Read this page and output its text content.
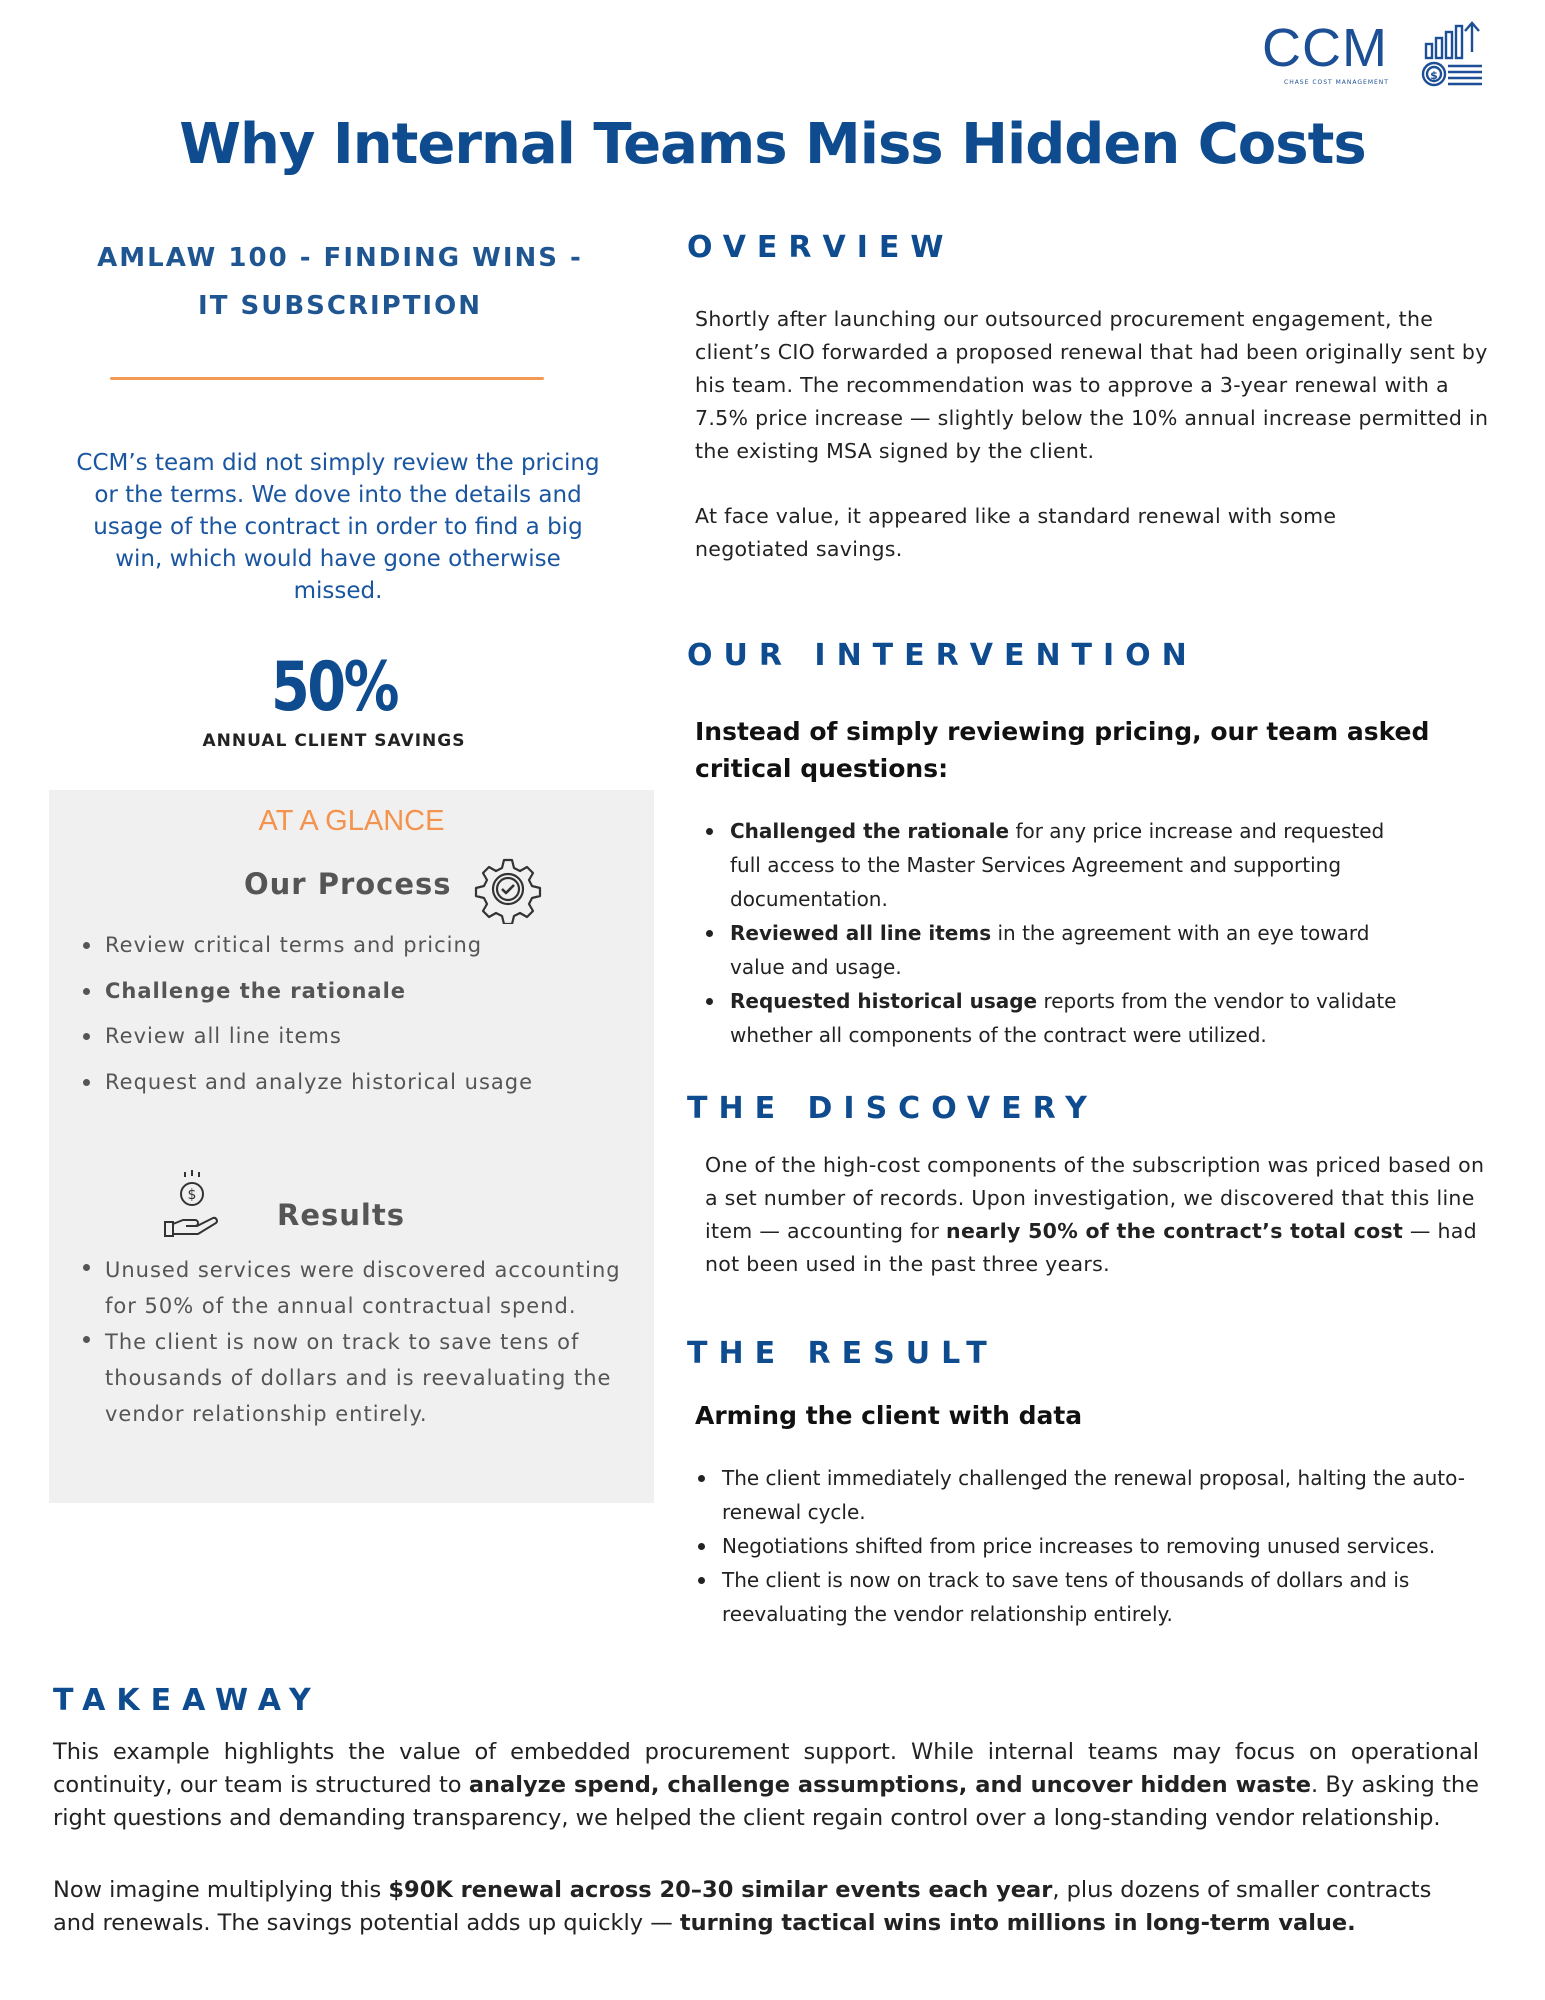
CCM
CHASE COST MANAGEMENT
$
Why Internal Teams Miss Hidden Costs
AMLAW 100 - FINDING WINS -
IT SUBSCRIPTION

CCM’s team did not simply review the pricing or the terms. We dove into the details and usage of the contract in order to find a big win, which would have gone otherwise missed.

50%
ANNUAL CLIENT SAVINGS
AT A GLANCE
Our Process
Review critical terms and pricing
Challenge the rationale
Review all line items
Request and analyze historical usage
$
Results
Unused services were discovered accounting for 50% of the annual contractual spend.
The client is now on track to save tens of thousands of dollars and is reevaluating the vendor relationship entirely.
OVERVIEW

Shortly after launching our outsourced procurement engagement, the client’s CIO forwarded a proposed renewal that had been originally sent by his team. The recommendation was to approve a 3-year renewal with a 7.5% price increase — slightly below the 10% annual increase permitted in the existing MSA signed by the client.

At face value, it appeared like a standard renewal with some negotiated savings.

OUR INTERVENTION
Instead of simply reviewing pricing, our team asked critical questions:
Challenged the rationale for any price increase and requested full access to the Master Services Agreement and supporting documentation.
Reviewed all line items in the agreement with an eye toward value and usage.
Requested historical usage reports from the vendor to validate whether all components of the contract were utilized.
THE DISCOVERY

One of the high-cost components of the subscription was priced based on a set number of records. Upon investigation, we discovered that this line item — accounting for nearly 50% of the contract’s total cost — had not been used in the past three years.

THE RESULT
Arming the client with data
The client immediately challenged the renewal proposal, halting the auto-renewal cycle.
Negotiations shifted from price increases to removing unused services.
The client is now on track to save tens of thousands of dollars and is reevaluating the vendor relationship entirely.
TAKEAWAY

This example highlights the value of embedded procurement support. While internal teams may focus on operational continuity, our team is structured to analyze spend, challenge assumptions, and uncover hidden waste. By asking the right questions and demanding transparency, we helped the client regain control over a long-standing vendor relationship.

Now imagine multiplying this $90K renewal across 20–30 similar events each year, plus dozens of smaller contracts and renewals. The savings potential adds up quickly — turning tactical wins into millions in long-term value.
